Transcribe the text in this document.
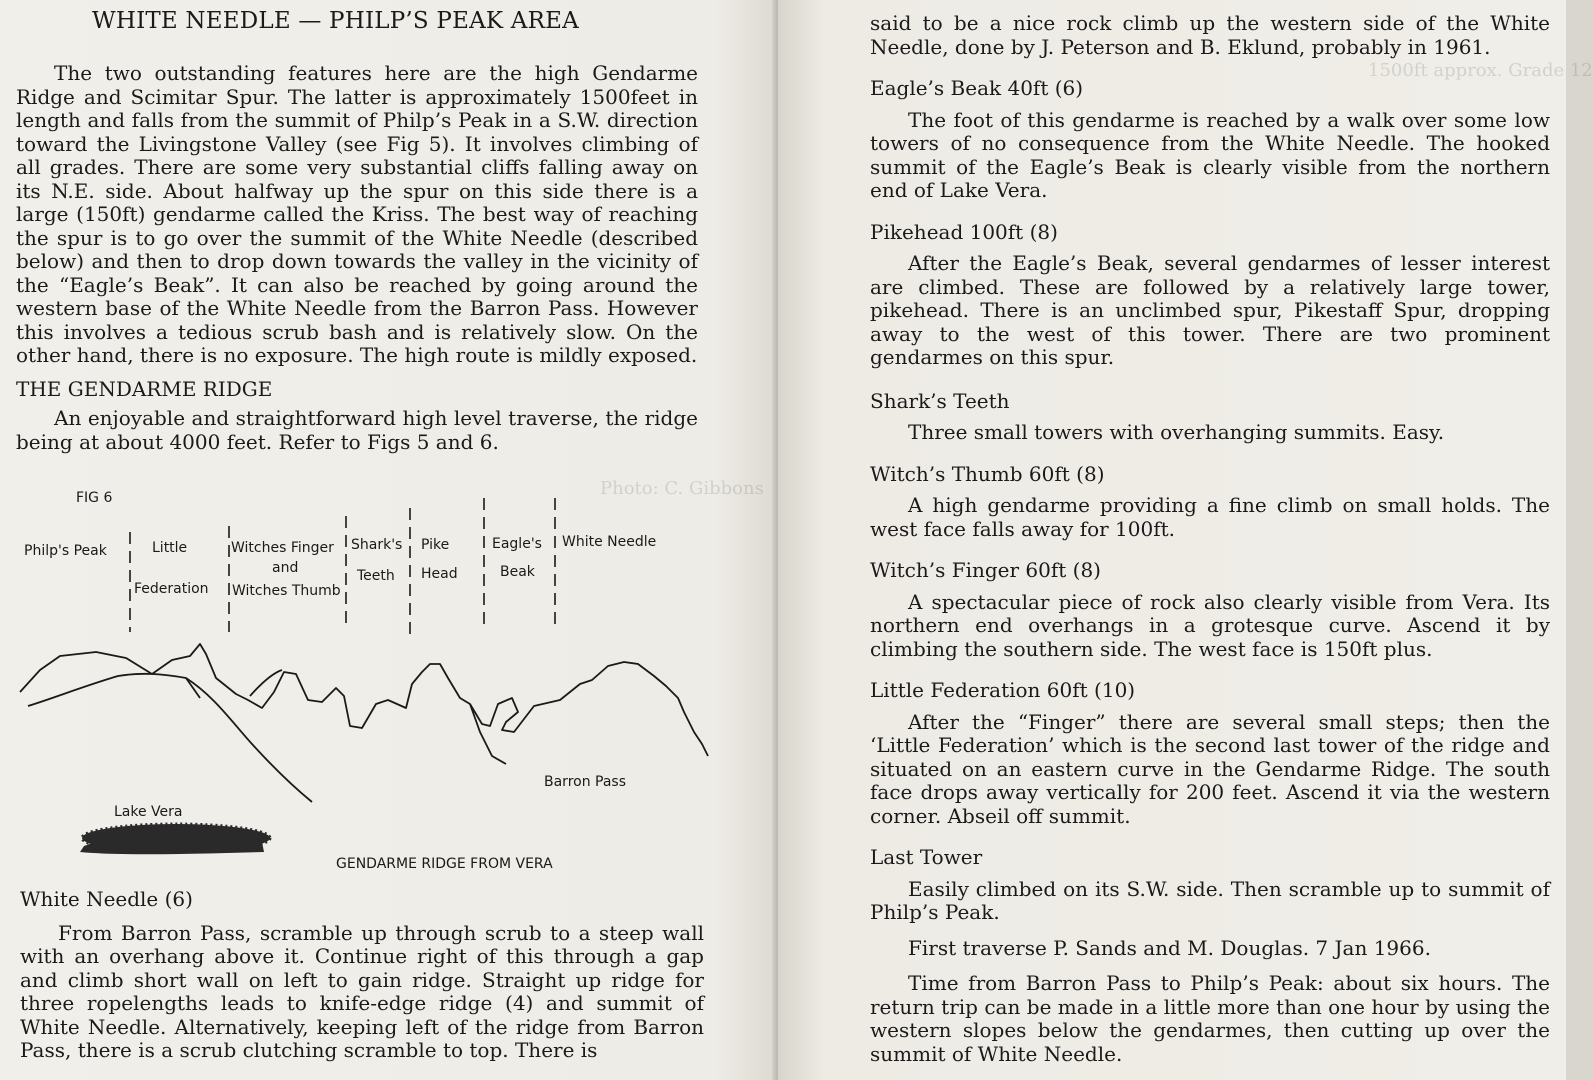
Photo: C. Gibbons
WHITE NEEDLE — PHILP’S PEAK AREA

The two outstanding features here are the high Gendarme Ridge and Scimitar Spur. The latter is approximately 1500feet in length and falls from the summit of Philp’s Peak in a S.W. direction toward the Livingstone Valley (see Fig 5). It involves climbing of all grades. There are some very substantial cliffs falling away on its N.E. side. About halfway up the spur on this side there is a large (150ft) gendarme called the Kriss. The best way of reaching the spur is to go over the summit of the White Needle (described below) and then to drop down towards the valley in the vicinity of the “Eagle’s Beak”. It can also be reached by going around the western base of the White Needle from the Barron Pass. However this involves a tedious scrub bash and is relatively slow. On the other hand, there is no exposure. The high route is mildly exposed.

THE GENDARME RIDGE

An enjoyable and straightforward high level traverse, the ridge being at about 4000 feet. Refer to Figs 5 and 6.

FIG 6
Philp's Peak	Little
Federation
Witches Finger
and
Witches Thumb
Shark's
Teeth
Pike
Head
Eagle's
Beak
White Needle
Lake Vera
Barron Pass
GENDARME RIDGE FROM VERA

White Needle (6)

From Barron Pass, scramble up through scrub to a steep wall with an overhang above it. Continue right of this through a gap and climb short wall on left to gain ridge. Straight up ridge for three ropelengths leads to knife-edge ridge (4) and summit of White Needle. Alternatively, keeping left of the ridge from Barron Pass, there is a scrub clutching scramble to top. There is

1500ft approx. Grade 12

said to be a nice rock climb up the western side of the White Needle, done by J. Peterson and B. Eklund, probably in 1961.

Eagle’s Beak 40ft (6)

The foot of this gendarme is reached by a walk over some low towers of no consequence from the White Needle. The hooked summit of the Eagle’s Beak is clearly visible from the northern end of Lake Vera.

Pikehead 100ft (8)

After the Eagle’s Beak, several gendarmes of lesser interest are climbed. These are followed by a relatively large tower, pikehead. There is an unclimbed spur, Pikestaff Spur, dropping away to the west of this tower. There are two prominent gendarmes on this spur.

Shark’s Teeth

Three small towers with overhanging summits. Easy.

Witch’s Thumb 60ft (8)

A high gendarme providing a fine climb on small holds. The west face falls away for 100ft.

Witch’s Finger 60ft (8)

A spectacular piece of rock also clearly visible from Vera. Its northern end overhangs in a grotesque curve. Ascend it by climbing the southern side. The west face is 150ft plus.

Little Federation 60ft (10)

After the “Finger” there are several small steps; then the ‘Little Federation’ which is the second last tower of the ridge and situated on an eastern curve in the Gendarme Ridge. The south face drops away vertically for 200 feet. Ascend it via the western corner. Abseil off summit.

Last Tower

Easily climbed on its S.W. side. Then scramble up to summit of Philp’s Peak.

First traverse P. Sands and M. Douglas. 7 Jan 1966.

Time from Barron Pass to Philp’s Peak: about six hours. The return trip can be made in a little more than one hour by using the western slopes below the gendarmes, then cutting up over the summit of White Needle.
